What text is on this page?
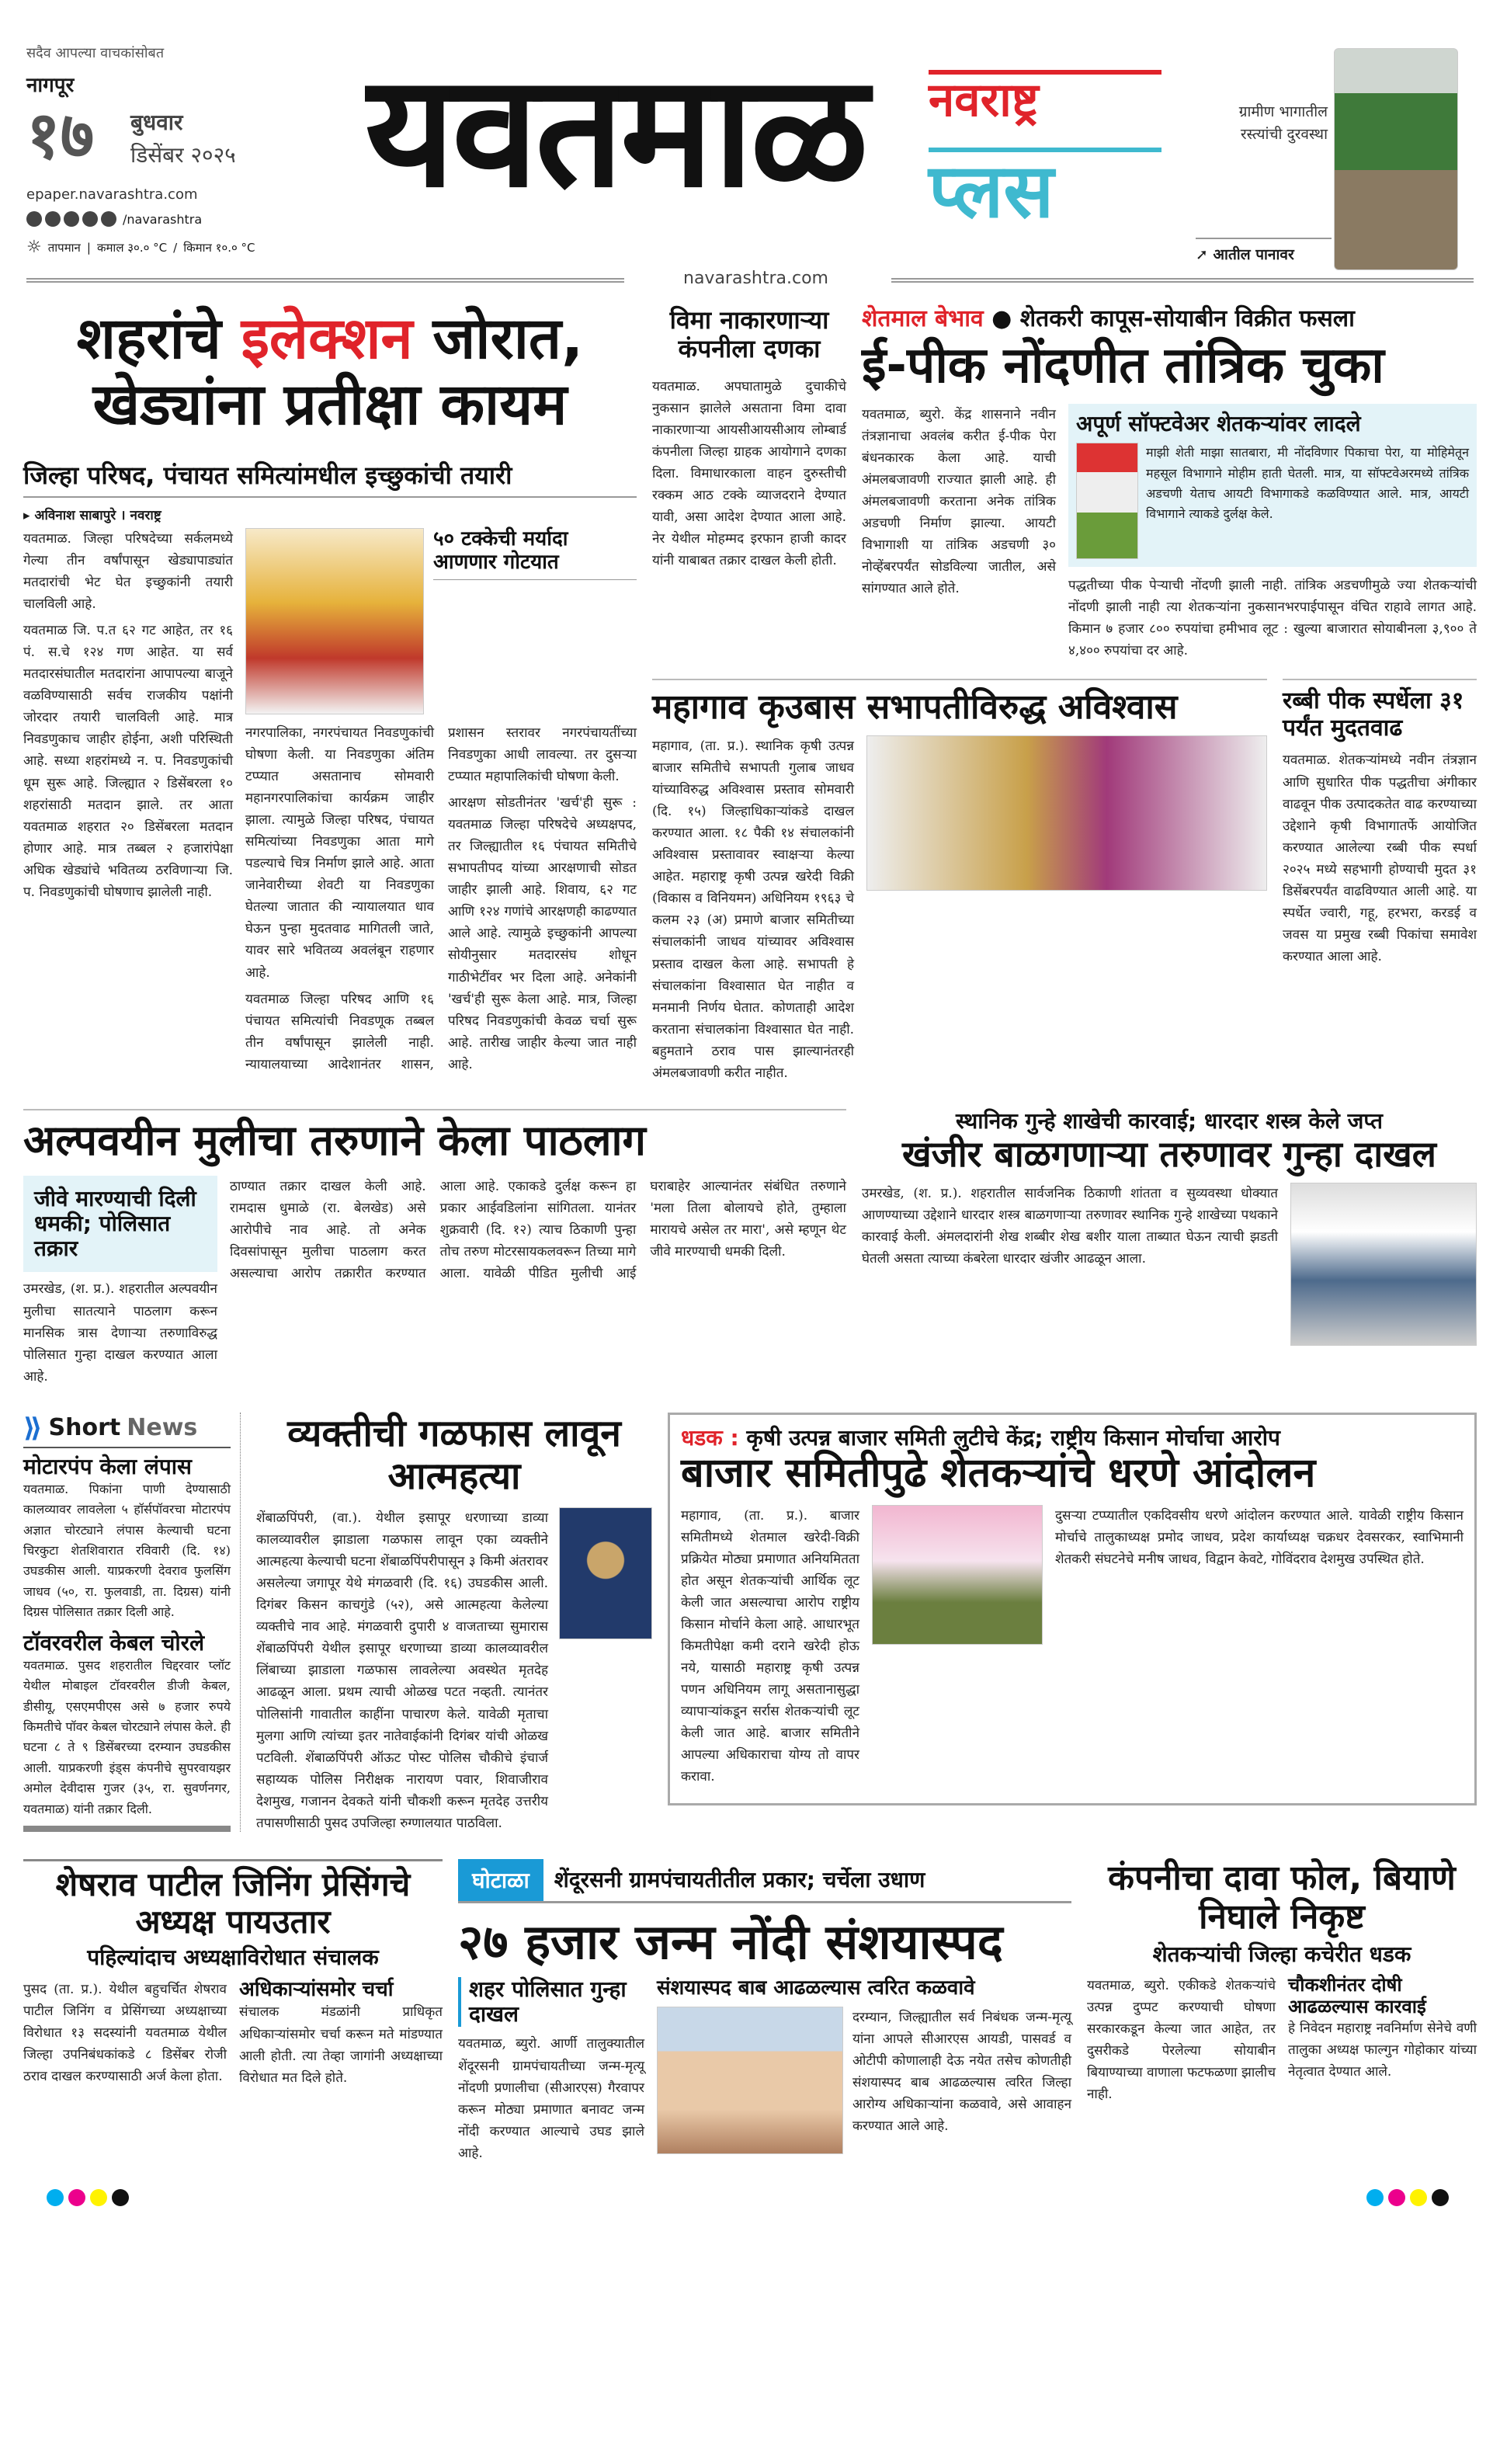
सदैव आपल्या वाचकांसोबत
नागपूर
१७ बुधवार
डिसेंबर २०२५
epaper.navarashtra.com
/navarashtra
☼ तापमान | कमाल ३०.० °C / किमान १०.० °C
यवतमाळ	नवराष्ट्र
प्लस
ग्रामीण भागातील रस्त्यांची दुरवस्था
➚ आतील पानावर
navarashtra.com
शहरांचे इलेक्शन जोरात,
खेड्यांना प्रतीक्षा कायम
जिल्हा परिषद, पंचायत समित्यांमधील इच्छुकांची तयारी
▸ अविनाश साबापुरे । नवराष्ट्र

यवतमाळ. जिल्हा परिषदेच्या सर्कलमध्ये गेल्या तीन वर्षांपासून खेड्यापाड्यांत मतदारांची भेट घेत इच्छुकांनी तयारी चालविली आहे.

यवतमाळ जि. प.त ६२ गट आहेत, तर १६ पं. स.चे १२४ गण आहेत. या सर्व मतदारसंघातील मतदारांना आपापल्या बाजूने वळविण्यासाठी सर्वच राजकीय पक्षांनी जोरदार तयारी चालविली आहे. मात्र निवडणुकाच जाहीर होईना, अशी परिस्थिती आहे. सध्या शहरांमध्ये न. प. निवडणुकांची धूम सुरू आहे. जिल्ह्यात २ डिसेंबरला १० शहरांसाठी मतदान झाले. तर आता यवतमाळ शहरात २० डिसेंबरला मतदान होणार आहे. मात्र तब्बल २ हजारांपेक्षा अधिक खेड्यांचे भवितव्य ठरविणाऱ्या जि. प. निवडणुकांची घोषणाच झालेली नाही.

५० टक्केची मर्यादा आणणार गोटयात

नगरपालिका, नगरपंचायत निवडणुकांची घोषणा केली. या निवडणुका अंतिम टप्प्यात असतानाच सोमवारी महानगरपालिकांचा कार्यक्रम जाहीर झाला. त्यामुळे जिल्हा परिषद, पंचायत समित्यांच्या निवडणुका आता मागे पडल्याचे चित्र निर्माण झाले आहे. आता जानेवारीच्या शेवटी या निवडणुका घेतल्या जातात की न्यायालयात धाव घेऊन पुन्हा मुदतवाढ मागितली जाते, यावर सारे भवितव्य अवलंबून राहणार आहे.

यवतमाळ जिल्हा परिषद आणि १६ पंचायत समित्यांची निवडणूक तब्बल तीन वर्षांपासून झालेली नाही. न्यायालयाच्या आदेशानंतर शासन, प्रशासन स्तरावर नगरपंचायतींच्या निवडणुका आधी लावल्या. तर दुसऱ्या टप्प्यात महापालिकांची घोषणा केली.

आरक्षण सोडतीनंतर 'खर्च'ही सुरू : यवतमाळ जिल्हा परिषदेचे अध्यक्षपद, तर जिल्ह्यातील १६ पंचायत समितीचे सभापतीपद यांच्या आरक्षणाची सोडत जाहीर झाली आहे. शिवाय, ६२ गट आणि १२४ गणांचे आरक्षणही काढण्यात आले आहे. त्यामुळे इच्छुकांनी आपल्या सोयीनुसार मतदारसंघ शोधून गाठीभेटींवर भर दिला आहे. अनेकांनी 'खर्च'ही सुरू केला आहे. मात्र, जिल्हा परिषद निवडणुकांची केवळ चर्चा सुरू आहे. तारीख जाहीर केल्या जात नाही आहे.

विमा नाकारणाऱ्या कंपनीला दणका

यवतमाळ. अपघातामुळे दुचाकीचे नुकसान झालेले असताना विमा दावा नाकारणाऱ्या आयसीआयसीआय लोम्बार्ड कंपनीला जिल्हा ग्राहक आयोगाने दणका दिला. विमाधारकाला वाहन दुरुस्तीची रक्कम आठ टक्के व्याजदराने देण्यात यावी, असा आदेश देण्यात आला आहे. नेर येथील मोहम्मद इरफान हाजी कादर यांनी याबाबत तक्रार दाखल केली होती.

शेतमाल बेभाव ● शेतकरी कापूस-सोयाबीन विक्रीत फसला
ई-पीक नोंदणीत तांत्रिक चुका

यवतमाळ, ब्युरो. केंद्र शासनाने नवीन तंत्रज्ञानाचा अवलंब करीत ई-पीक पेरा बंधनकारक केला आहे. याची अंमलबजावणी राज्यात झाली आहे. ही अंमलबजावणी करताना अनेक तांत्रिक अडचणी निर्माण झाल्या. आयटी विभागाशी या तांत्रिक अडचणी ३० नोव्हेंबरपर्यंत सोडविल्या जातील, असे सांगण्यात आले होते.

अपूर्ण सॉफ्टवेअर शेतकऱ्यांवर लादले
माझी शेती माझा सातबारा, मी नोंदविणार पिकाचा पेरा, या मोहिमेतून महसूल विभागाने मोहीम हाती घेतली. मात्र, या सॉफ्टवेअरमध्ये तांत्रिक अडचणी येताच आयटी विभागाकडे कळविण्यात आले. मात्र, आयटी विभागाने त्याकडे दुर्लक्ष केले.
पद्धतीच्या पीक पेऱ्याची नोंदणी झाली नाही. तांत्रिक अडचणीमुळे ज्या शेतकऱ्यांची नोंदणी झाली नाही त्या शेतकऱ्यांना नुकसानभरपाईपासून वंचित राहावे लागत आहे. किमान ७ हजार ८०० रुपयांचा हमीभाव लूट : खुल्या बाजारात सोयाबीनला ३,९०० ते ४,४०० रुपयांचा दर आहे.
महागाव कृउबास सभापतीविरुद्ध अविश्वास

महागाव, (ता. प्र.). स्थानिक कृषी उत्पन्न बाजार समितीचे सभापती गुलाब जाधव यांच्याविरुद्ध अविश्वास प्रस्ताव सोमवारी (दि. १५) जिल्हाधिकाऱ्यांकडे दाखल करण्यात आला. १८ पैकी १४ संचालकांनी अविश्वास प्रस्तावावर स्वाक्षऱ्या केल्या आहेत. महाराष्ट्र कृषी उत्पन्न खरेदी विक्री (विकास व विनियमन) अधिनियम १९६३ चे कलम २३ (अ) प्रमाणे बाजार समितीच्या संचालकांनी जाधव यांच्यावर अविश्वास प्रस्ताव दाखल केला आहे. सभापती हे संचालकांना विश्वासात घेत नाहीत व मनमानी निर्णय घेतात. कोणताही आदेश करताना संचालकांना विश्वासात घेत नाही. बहुमताने ठराव पास झाल्यानंतरही अंमलबजावणी करीत नाहीत.

रब्बी पीक स्पर्धेला ३१ पर्यंत मुदतवाढ

यवतमाळ. शेतकऱ्यांमध्ये नवीन तंत्रज्ञान आणि सुधारित पीक पद्धतीचा अंगीकार वाढवून पीक उत्पादकतेत वाढ करण्याच्या उद्देशाने कृषी विभागातर्फे आयोजित करण्यात आलेल्या रब्बी पीक स्पर्धा २०२५ मध्ये सहभागी होण्याची मुदत ३१ डिसेंबरपर्यंत वाढविण्यात आली आहे. या स्पर्धेत ज्वारी, गहू, हरभरा, करडई व जवस या प्रमुख रब्बी पिकांचा समावेश करण्यात आला आहे.

अल्पवयीन मुलीचा तरुणाने केला पाठलाग
जीवे मारण्याची दिली धमकी; पोलिसात तक्रार

उमरखेड, (श. प्र.). शहरातील अल्पवयीन मुलीचा सातत्याने पाठलाग करून मानसिक त्रास देणाऱ्या तरुणाविरुद्ध पोलिसात गुन्हा दाखल करण्यात आला आहे.

ठाण्यात तक्रार दाखल केली आहे. रामदास धुमाळे (रा. बेलखेड) असे आरोपीचे नाव आहे. तो अनेक दिवसांपासून मुलीचा पाठलाग करत असल्याचा आरोप तक्रारीत करण्यात आला आहे. एकाकडे दुर्लक्ष करून हा प्रकार आईवडिलांना सांगितला. यानंतर शुक्रवारी (दि. १२) त्याच ठिकाणी पुन्हा तोच तरुण मोटरसायकलवरून तिच्या मागे आला. यावेळी पीडित मुलीची आई घराबाहेर आल्यानंतर संबंधित तरुणाने 'मला तिला बोलायचे होते, तुम्हाला मारायचे असेल तर मारा', असे म्हणून थेट जीवे मारण्याची धमकी दिली.

स्थानिक गुन्हे शाखेची कारवाई; धारदार शस्त्र केले जप्त
खंजीर बाळगणाऱ्या तरुणावर गुन्हा दाखल

उमरखेड, (श. प्र.). शहरातील सार्वजनिक ठिकाणी शांतता व सुव्यवस्था धोक्यात आणण्याच्या उद्देशाने धारदार शस्त्र बाळगणाऱ्या तरुणावर स्थानिक गुन्हे शाखेच्या पथकाने कारवाई केली. अंमलदारांनी शेख शब्बीर शेख बशीर याला ताब्यात घेऊन त्याची झडती घेतली असता त्याच्या कंबरेला धारदार खंजीर आढळून आला.

⟫ Short News
मोटारपंप केला लंपास
यवतमाळ. पिकांना पाणी देण्यासाठी कालव्यावर लावलेला ५ हॉर्सपॉवरचा मोटारपंप अज्ञात चोरट्याने लंपास केल्याची घटना चिरकुटा शेतशिवारात रविवारी (दि. १४) उघडकीस आली. याप्रकरणी देवराव फुलसिंग जाधव (५०, रा. फुलवाडी, ता. दिग्रस) यांनी दिग्रस पोलिसात तक्रार दिली आहे.
टॉवरवरील केबल चोरले
यवतमाळ. पुसद शहरातील चिद्दरवार प्लॉट येथील मोबाइल टॉवरवरील डीजी केबल, डीसीयू, एसएमपीएस असे ७ हजार रुपये किमतीचे पॉवर केबल चोरट्याने लंपास केले. ही घटना ८ ते ९ डिसेंबरच्या दरम्यान उघडकीस आली. याप्रकरणी इंड्स कंपनीचे सुपरवायझर अमोल देवीदास गुजर (३५, रा. सुवर्णनगर, यवतमाळ) यांनी तक्रार दिली.
व्यक्तीची गळफास लावून आत्महत्या

शेंबाळपिंपरी, (वा.). येथील इसापूर धरणाच्या डाव्या कालव्यावरील झाडाला गळफास लावून एका व्यक्तीने आत्महत्या केल्याची घटना शेंबाळपिंपरीपासून ३ किमी अंतरावर असलेल्या जगापूर येथे मंगळवारी (दि. १६) उघडकीस आली. दिगंबर किसन काचगुंडे (५२), असे आत्महत्या केलेल्या व्यक्तीचे नाव आहे. मंगळवारी दुपारी ४ वाजताच्या सुमारास शेंबाळपिंपरी येथील इसापूर धरणाच्या डाव्या कालव्यावरील लिंबाच्या झाडाला गळफास लावलेल्या अवस्थेत मृतदेह आढळून आला. प्रथम त्याची ओळख पटत नव्हती. त्यानंतर पोलिसांनी गावातील काहींना पाचारण केले. यावेळी मृताचा मुलगा आणि त्यांच्या इतर नातेवाईकांनी दिगंबर यांची ओळख पटविली. शेंबाळपिंपरी ऑऊट पोस्ट पोलिस चौकीचे इंचार्ज सहाय्यक पोलिस निरीक्षक नारायण पवार, शिवाजीराव देशमुख, गजानन देवकते यांनी चौकशी करून मृतदेह उत्तरीय तपासणीसाठी पुसद उपजिल्हा रुग्णालयात पाठविला.

धडक : कृषी उत्पन्न बाजार समिती लुटीचे केंद्र; राष्ट्रीय किसान मोर्चाचा आरोप
बाजार समितीपुढे शेतकऱ्यांचे धरणे आंदोलन

महागाव, (ता. प्र.). बाजार समितीमध्ये शेतमाल खरेदी-विक्री प्रक्रियेत मोठ्या प्रमाणात अनियमितता होत असून शेतकऱ्यांची आर्थिक लूट केली जात असल्याचा आरोप राष्ट्रीय किसान मोर्चाने केला आहे. आधारभूत किमतीपेक्षा कमी दराने खरेदी होऊ नये, यासाठी महाराष्ट्र कृषी उत्पन्न पणन अधिनियम लागू असतानासुद्धा व्यापाऱ्यांकडून सर्रास शेतकऱ्यांची लूट केली जात आहे. बाजार समितीने आपल्या अधिकाराचा योग्य तो वापर करावा.

दुसऱ्या टप्प्यातील एकदिवसीय धरणे आंदोलन करण्यात आले. यावेळी राष्ट्रीय किसान मोर्चाचे तालुकाध्यक्ष प्रमोद जाधव, प्रदेश कार्याध्यक्ष चक्रधर देवसरकर, स्वाभिमानी शेतकरी संघटनेचे मनीष जाधव, विद्वान केवटे, गोविंदराव देशमुख उपस्थित होते.

शेषराव पाटील जिनिंग प्रेसिंगचे अध्यक्ष पायउतार
पहिल्यांदाच अध्यक्षाविरोधात संचालक

पुसद (ता. प्र.). येथील बहुचर्चित शेषराव पाटील जिनिंग व प्रेसिंगच्या अध्यक्षाच्या विरोधात १३ सदस्यांनी यवतमाळ येथील जिल्हा उपनिबंधकांकडे ८ डिसेंबर रोजी ठराव दाखल करण्यासाठी अर्ज केला होता.

अधिकाऱ्यांसमोर चर्चा

संचालक मंडळांनी प्राधिकृत अधिकाऱ्यांसमोर चर्चा करून मते मांडण्यात आली होती. त्या तेव्हा जागांनी अध्यक्षाच्या विरोधात मत दिले होते.

घोटाळा	शेंदूरसनी ग्रामपंचायतीतील प्रकार; चर्चेला उधाण
२७ हजार जन्म नोंदी संशयास्पद
शहर पोलिसात गुन्हा दाखल

यवतमाळ, ब्युरो. आर्णी तालुक्यातील शेंदूरसनी ग्रामपंचायतीच्या जन्म-मृत्यू नोंदणी प्रणालीचा (सीआरएस) गैरवापर करून मोठ्या प्रमाणात बनावट जन्म नोंदी करण्यात आल्याचे उघड झाले आहे.

संशयास्पद बाब आढळल्यास त्वरित कळवावे

दरम्यान, जिल्ह्यातील सर्व निबंधक जन्म-मृत्यू यांना आपले सीआरएस आयडी, पासवर्ड व ओटीपी कोणालाही देऊ नयेत तसेच कोणतीही संशयास्पद बाब आढळल्यास त्वरित जिल्हा आरोग्य अधिकाऱ्यांना कळवावे, असे आवाहन करण्यात आले आहे.

कंपनीचा दावा फोल, बियाणे निघाले निकृष्ट
शेतकऱ्यांची जिल्हा कचेरीत धडक

यवतमाळ, ब्युरो. एकीकडे शेतकऱ्यांचे उत्पन्न दुप्पट करण्याची घोषणा सरकारकडून केल्या जात आहेत, तर दुसरीकडे पेरलेल्या सोयाबीन बियाण्याच्या वाणाला फटफळणा झालीच नाही.

चौकशीनंतर दोषी आढळल्यास कारवाई

हे निवेदन महाराष्ट्र नवनिर्माण सेनेचे वणी तालुका अध्यक्ष फाल्गुन गोहोकार यांच्या नेतृत्वात देण्यात आले.
